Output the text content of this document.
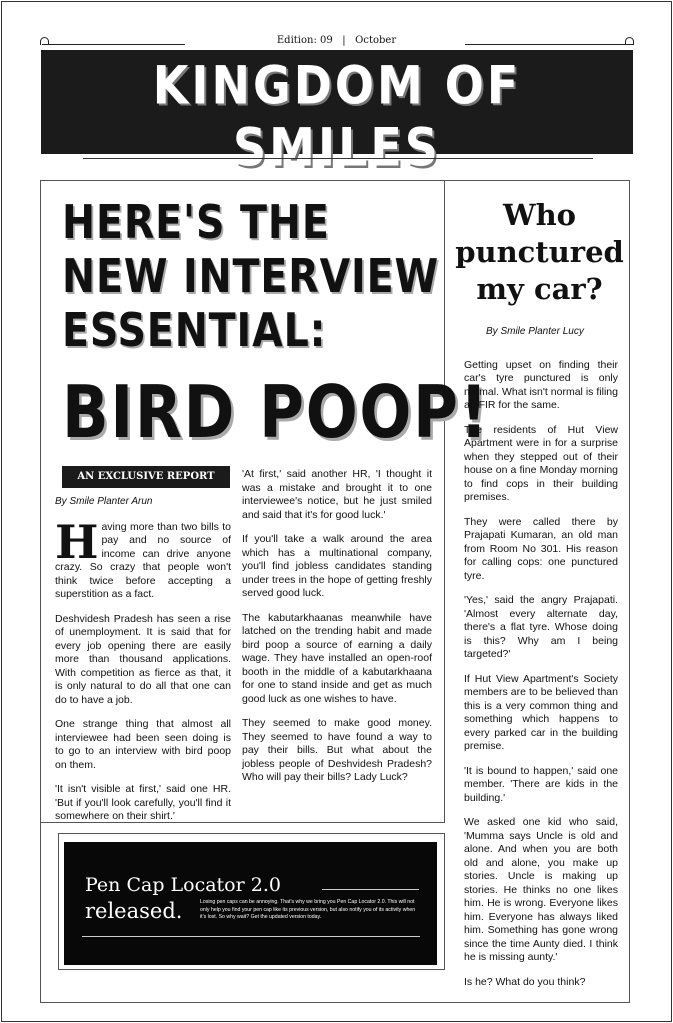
Edition: 09   |   October
KINGDOM OF SMILES
'Oh my God! I am being read. Yay!'
HERE'S THE
NEW INTERVIEW
ESSENTIAL:
BIRD POOP!
AN EXCLUSIVE REPORT
By Smile Planter Arun

Having more than two bills to pay and no source of income can drive anyone crazy. So crazy that people won't think twice before accepting a superstition as a fact.

Deshvidesh Pradesh has seen a rise of unemployment. It is said that for every job opening there are easily more than thousand applications. With competition as fierce as that, it is only natural to do all that one can do to have a job.

One strange thing that almost all interviewee had been seen doing is to go to an interview with bird poop on them.

'It isn't visible at first,' said one HR. 'But if you'll look carefully, you'll find it somewhere on their shirt.'

'At first,' said another HR, 'I thought it was a mistake and brought it to one interviewee's notice, but he just smiled and said that it's for good luck.'

If you'll take a walk around the area which has a multinational company, you'll find jobless candidates standing under trees in the hope of getting freshly served good luck.

The kabutarkhaanas meanwhile have latched on the trending habit and made bird poop a source of earning a daily wage. They have installed an open-roof booth in the middle of a kabutarkhaana for one to stand inside and get as much good luck as one wishes to have.

They seemed to make good money. They seemed to have found a way to pay their bills. But what about the jobless people of Deshvidesh Pradesh? Who will pay their bills? Lady Luck?

Who punctured my car?
By Smile Planter Lucy

Getting upset on finding their car's tyre punctured is only normal. What isn't normal is filing an FIR for the same.

The residents of Hut View Apartment were in for a surprise when they stepped out of their house on a fine Monday morning to find cops in their building premises.

They were called there by Prajapati Kumaran, an old man from Room No 301. His reason for calling cops: one punctured tyre.

'Yes,' said the angry Prajapati. 'Almost every alternate day, there's a flat tyre. Whose doing is this? Why am I being targeted?'

If Hut View Apartment's Society members are to be believed than this is a very common thing and something which happens to every parked car in the building premise.

'It is bound to happen,' said one member. 'There are kids in the building.'

We asked one kid who said, 'Mumma says Uncle is old and alone. And when you are both old and alone, you make up stories. Uncle is making up stories. He thinks no one likes him. He is wrong. Everyone likes him. Everyone has always liked him. Something has gone wrong since the time Aunty died. I think he is missing aunty.'

Is he? What do you think?

Pen Cap Locator 2.0
released.	Losing pen caps can be annoying. That's why we bring you Pen Cap Locator 2.0. This will not only help you find your pen cap like its previous version, but also notify you of its activity when it's lost. So why wait? Get the updated version today.
